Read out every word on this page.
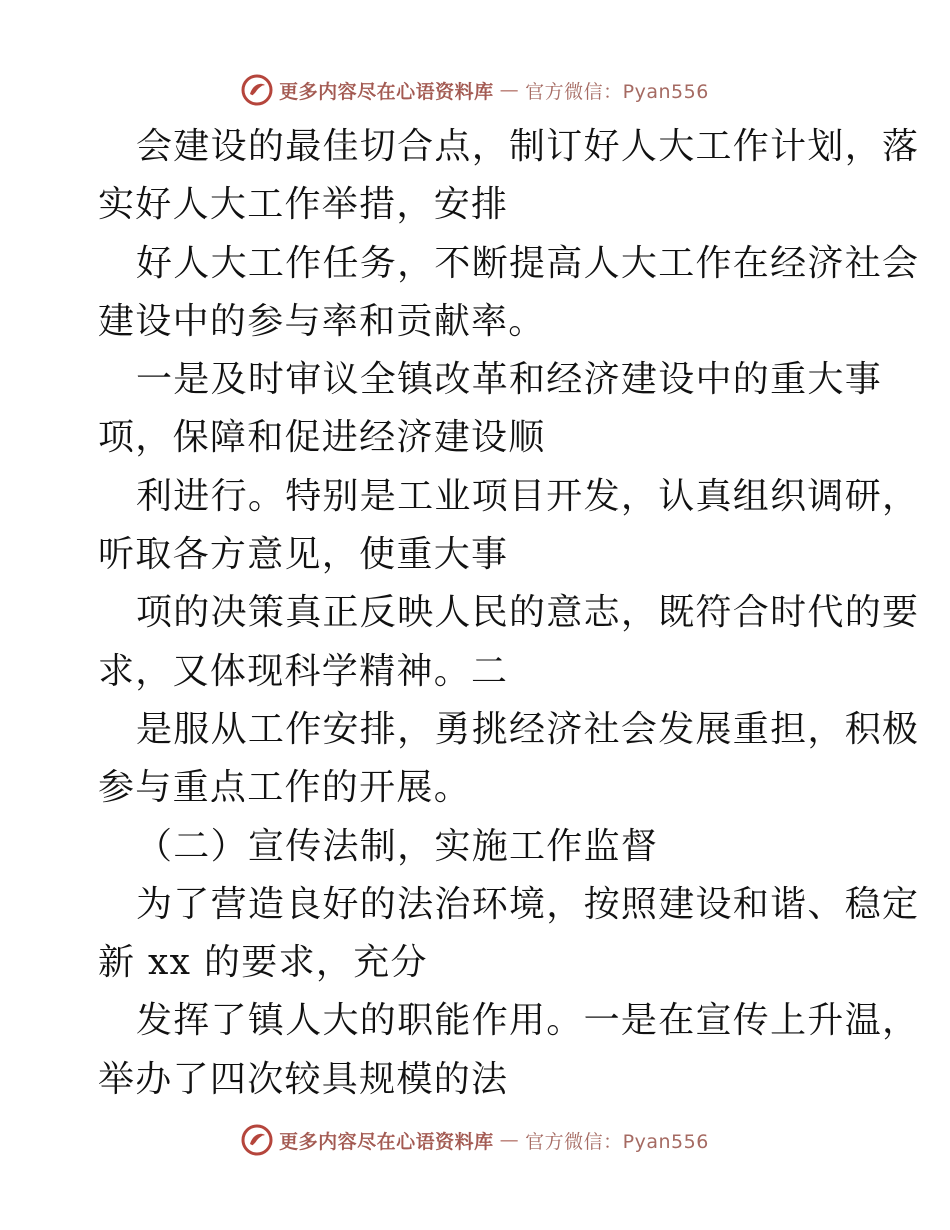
更多内容尽在心语资料库 — 官方微信：Pyan556
会建设的最佳切合点，制订好人大工作计划，落
实好人大工作举措，安排
好人大工作任务，不断提高人大工作在经济社会
建设中的参与率和贡献率。
一是及时审议全镇改革和经济建设中的重大事
项，保障和促进经济建设顺
利进行。特别是工业项目开发，认真组织调研，
听取各方意见，使重大事
项的决策真正反映人民的意志，既符合时代的要
求，又体现科学精神。二
是服从工作安排，勇挑经济社会发展重担，积极
参与重点工作的开展。
（二）宣传法制，实施工作监督
为了营造良好的法治环境，按照建设和谐、稳定
新 xx 的要求，充分
发挥了镇人大的职能作用。一是在宣传上升温，
举办了四次较具规模的法
更多内容尽在心语资料库 — 官方微信：Pyan556
